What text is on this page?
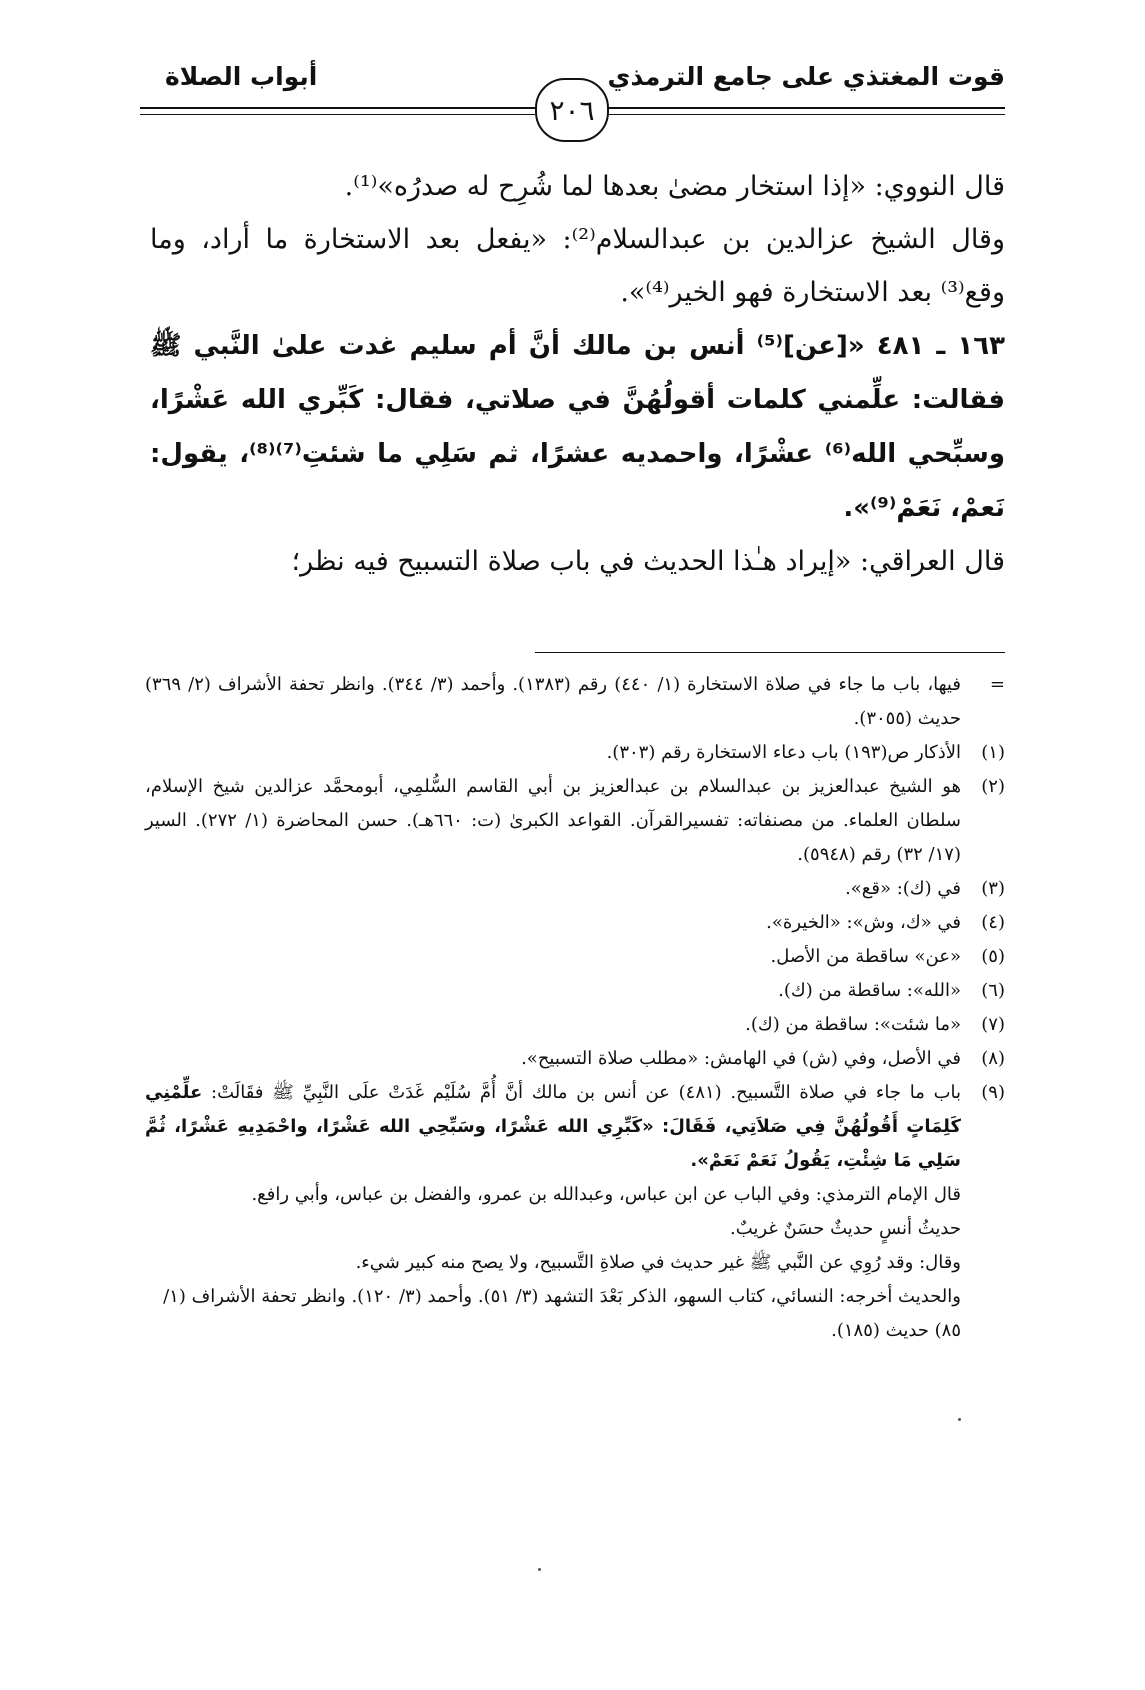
قوت المغتذي على جامع الترمذي
أبواب الصلاة
٢٠٦

قال النووي: «إذا استخار مضىٰ بعدها لما شُرِح له صدرُه»⁽¹⁾.

وقال الشيخ عزالدين بن عبدالسلام⁽²⁾: «يفعل بعد الاستخارة ما أراد، وما وقع⁽³⁾ بعد الاستخارة فهو الخير⁽⁴⁾».

١٦٣ ـ ٤٨١ «[عن]⁽⁵⁾ أنس بن مالك أنَّ أم سليم غدت علىٰ النَّبي ﷺ فقالت: علِّمني كلمات أقولُهُنَّ في صلاتي، فقال: كَبِّري الله عَشْرًا، وسبِّحي الله⁽⁶⁾ عشْرًا، واحمديه عشرًا، ثم سَلِي ما شئتِ⁽⁷⁾⁽⁸⁾، يقول: نَعمْ، نَعَمْ⁽⁹⁾».

قال العراقي: «إيراد هـٰذا الحديث في باب صلاة التسبيح فيه نظر؛

=
فيها، باب ما جاء في صلاة الاستخارة (١/ ٤٤٠) رقم (١٣٨٣). وأحمد (٣/ ٣٤٤). وانظر تحفة الأشراف (٢/ ٣٦٩) حديث (٣٠٥٥).
(١)
الأذكار ص(١٩٣) باب دعاء الاستخارة رقم (٣٠٣).
(٢)
هو الشيخ عبدالعزيز بن عبدالسلام بن عبدالعزيز بن أبي القاسم السُّلمِي، أبومحمَّد عزالدين شيخ الإسلام، سلطان العلماء. من مصنفاته: تفسيرالقرآن. القواعد الكبرىٰ (ت: ٦٦٠هـ). حسن المحاضرة (١/ ٢٧٢). السير (١٧/ ٣٢) رقم (٥٩٤٨).
(٣)
في (ك): «قع».
(٤)
في «ك، وش»: «الخيرة».
(٥)
«عن» ساقطة من الأصل.
(٦)
«الله»: ساقطة من (ك).
(٧)
«ما شئت»: ساقطة من (ك).
(٨)
في الأصل، وفي (ش) في الهامش: «مطلب صلاة التسبيح».
(٩)
باب ما جاء في صلاة التَّسبيح. (٤٨١) عن أنس بن مالك أنَّ أُمَّ سُلَيْم غَدَتْ علَى النَّبِيِّ ﷺ فقَالَتْ: علِّمْنِي كَلِمَاتٍ أَقُولُهُنَّ فِي صَلاَتِي، فَقَالَ: «كَبِّرِي الله عَشْرًا، وسَبِّحِي الله عَشْرًا، واحْمَدِيهِ عَشْرًا، ثُمَّ سَلِي مَا شِئْتِ، يَقُولُ نَعَمْ نَعَمْ».

قال الإمام الترمذي: وفي الباب عن ابن عباس، وعبدالله بن عمرو، والفضل بن عباس، وأبي رافع.

حديثُ أنسٍ حديثٌ حسَنٌ غريبٌ.

وقال: وقد رُوِي عن النَّبي ﷺ غير حديث في صلاةِ التَّسبيح، ولا يصح منه كبير شيء.

والحديث أخرجه: النسائي، كتاب السهو، الذكر بَعْدَ التشهد (٣/ ٥١). وأحمد (٣/ ١٢٠). وانظر تحفة الأشراف (١/ ٨٥) حديث (١٨٥).
